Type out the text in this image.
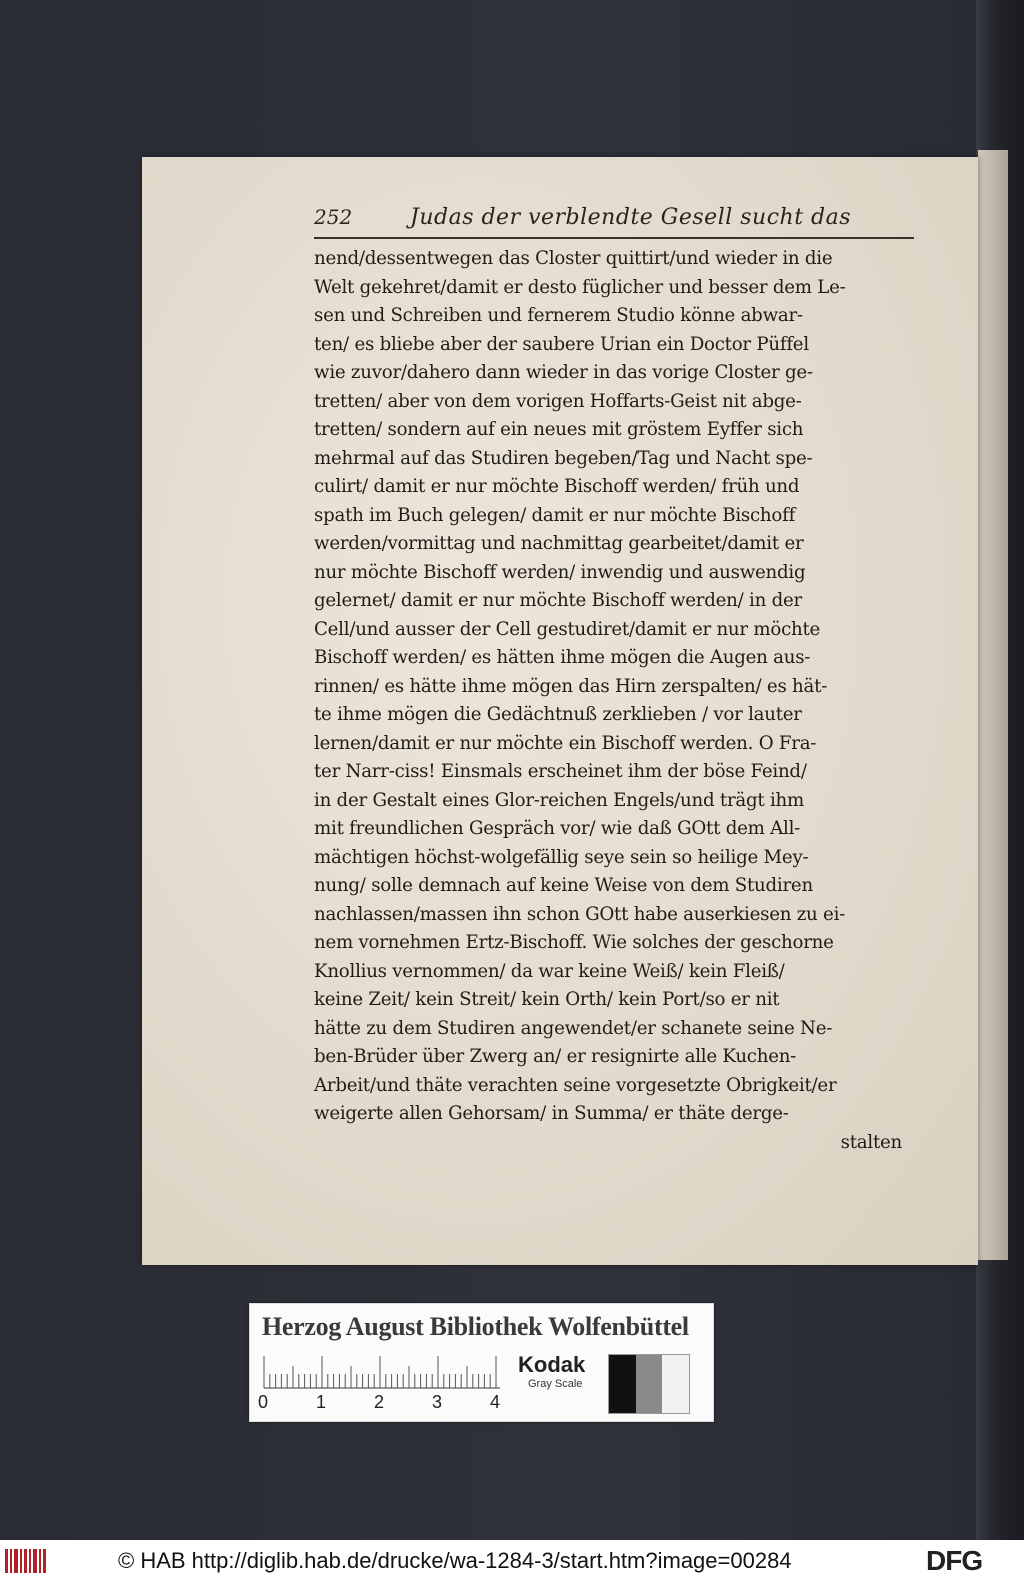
252	Judas der verblendte Gesell sucht das
nend/dessentwegen das Closter quittirt/und wieder in die
Welt gekehret/damit er desto füglicher und besser dem Le-
sen und Schreiben und fernerem Studio könne abwar-
ten/ es bliebe aber der saubere Urian ein Doctor Püffel
wie zuvor/dahero dann wieder in das vorige Closter ge-
tretten/ aber von dem vorigen Hoffarts-Geist nit abge-
tretten/ sondern auf ein neues mit gröstem Eyffer sich
mehrmal auf das Studiren begeben/Tag und Nacht spe-
culirt/ damit er nur möchte Bischoff werden/ früh und
spath im Buch gelegen/ damit er nur möchte Bischoff
werden/vormittag und nachmittag gearbeitet/damit er
nur möchte Bischoff werden/ inwendig und auswendig
gelernet/ damit er nur möchte Bischoff werden/ in der
Cell/und ausser der Cell gestudiret/damit er nur möchte
Bischoff werden/ es hätten ihme mögen die Augen aus-
rinnen/ es hätte ihme mögen das Hirn zerspalten/ es hät-
te ihme mögen die Gedächtnuß zerklieben / vor lauter
lernen/damit er nur möchte ein Bischoff werden. O Fra-
ter Narr-ciss! Einsmals erscheinet ihm der böse Feind/
in der Gestalt eines Glor-reichen Engels/und trägt ihm
mit freundlichen Gespräch vor/ wie daß GOtt dem All-
mächtigen höchst-wolgefällig seye sein so heilige Mey-
nung/ solle demnach auf keine Weise von dem Studiren
nachlassen/massen ihn schon GOtt habe auserkiesen zu ei-
nem vornehmen Ertz-Bischoff. Wie solches der geschorne
Knollius vernommen/ da war keine Weiß/ kein Fleiß/
keine Zeit/ kein Streit/ kein Orth/ kein Port/so er nit
hätte zu dem Studiren angewendet/er schanete seine Ne-
ben-Brüder über Zwerg an/ er resignirte alle Kuchen-
Arbeit/und thäte verachten seine vorgesetzte Obrigkeit/er
weigerte allen Gehorsam/ in Summa/ er thäte derge-
stalten
Herzog August Bibliothek Wolfenbüttel
0	1	2	3	4
Kodak
Gray Scale
© HAB http://diglib.hab.de/drucke/wa-1284-3/start.htm?image=00284	DFG
